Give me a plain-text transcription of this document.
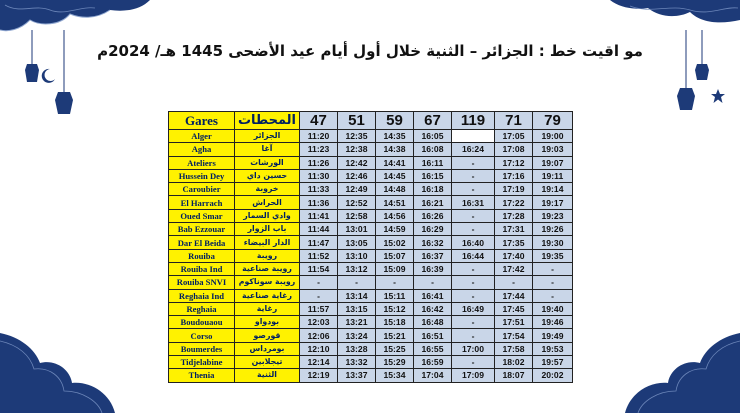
مو اقيت خط : الجزائر – الثنية خلال أول أيام عيد الأضحى 1445 هـ/ 2024م
Gares	المحطات	47	51	59	67	119	71	79
Alger	الجزائر	11:20	12:35	14:35	16:05		17:05	19:00
Agha	آغا	11:23	12:38	14:38	16:08	16:24	17:08	19:03
Ateliers	الورشات	11:26	12:42	14:41	16:11	-	17:12	19:07
Hussein Dey	حسين داي	11:30	12:46	14:45	16:15	-	17:16	19:11
Caroubier	خروبة	11:33	12:49	14:48	16:18	-	17:19	19:14
El Harrach	الحراش	11:36	12:52	14:51	16:21	16:31	17:22	19:17
Oued Smar	وادي السمار	11:41	12:58	14:56	16:26	-	17:28	19:23
Bab Ezzouar	باب الزوار	11:44	13:01	14:59	16:29	-	17:31	19:26
Dar El Beida	الدار البيضاء	11:47	13:05	15:02	16:32	16:40	17:35	19:30
Rouiba	رويبة	11:52	13:10	15:07	16:37	16:44	17:40	19:35
Rouiba Ind	رويبة صناعية	11:54	13:12	15:09	16:39	-	17:42	-
Rouiba SNVI	رويبة سوناكوم	-	-	-	-	-	-	-
Reghaia Ind	رغاية صناعية	-	13:14	15:11	16:41	-	17:44	-
Reghaia	رغاية	11:57	13:15	15:12	16:42	16:49	17:45	19:40
Boudouaou	بودواو	12:03	13:21	15:18	16:48	-	17:51	19:46
Corso	قورصو	12:06	13:24	15:21	16:51	-	17:54	19:49
Boumerdes	بومرداس	12:10	13:28	15:25	16:55	17:00	17:58	19:53
Tidjelabine	تيجلابين	12:14	13:32	15:29	16:59	-	18:02	19:57
Thenia	الثنية	12:19	13:37	15:34	17:04	17:09	18:07	20:02
